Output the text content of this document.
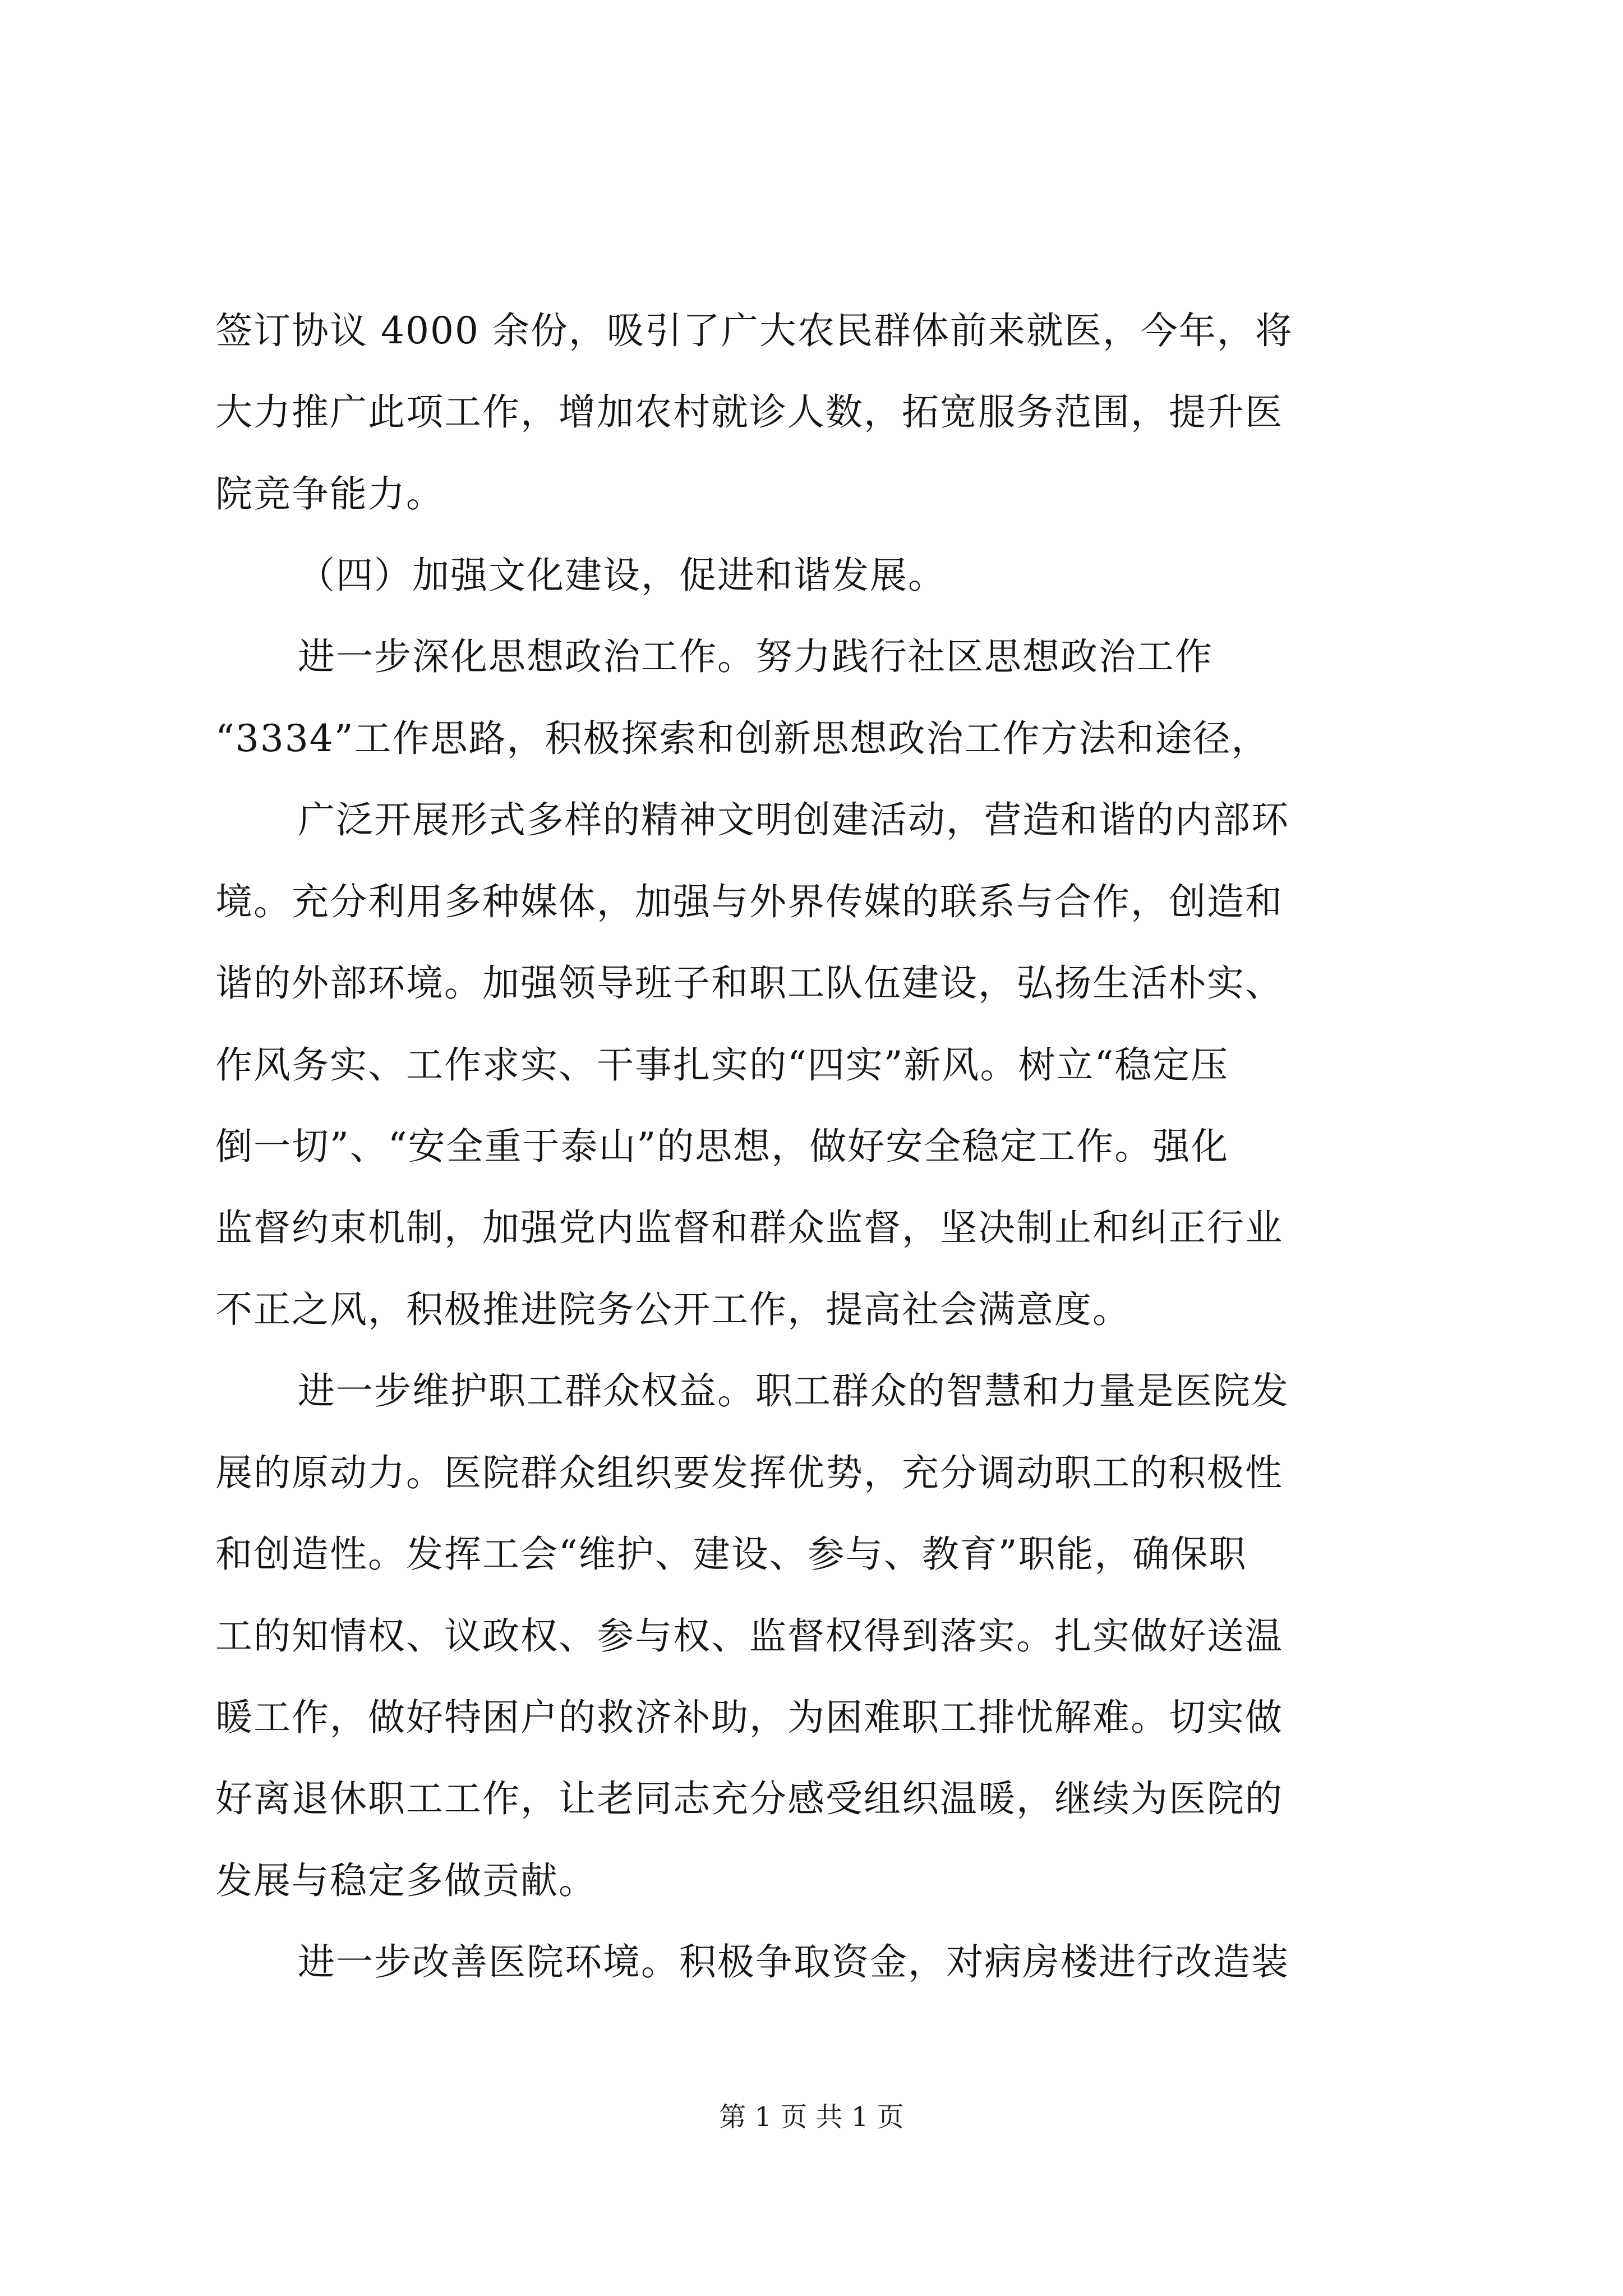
签订协议 4000 余份，吸引了广大农民群体前来就医，今年，将
大力推广此项工作，增加农村就诊人数，拓宽服务范围，提升医
院竞争能力。
（四）加强文化建设，促进和谐发展。
进一步深化思想政治工作。努力践行社区思想政治工作
“3334”工作思路，积极探索和创新思想政治工作方法和途径，
广泛开展形式多样的精神文明创建活动，营造和谐的内部环
境。充分利用多种媒体，加强与外界传媒的联系与合作，创造和
谐的外部环境。加强领导班子和职工队伍建设，弘扬生活朴实、
作风务实、工作求实、干事扎实的“四实”新风。树立“稳定压
倒一切”、“安全重于泰山”的思想，做好安全稳定工作。强化
监督约束机制，加强党内监督和群众监督，坚决制止和纠正行业
不正之风，积极推进院务公开工作，提高社会满意度。
进一步维护职工群众权益。职工群众的智慧和力量是医院发
展的原动力。医院群众组织要发挥优势，充分调动职工的积极性
和创造性。发挥工会“维护、建设、参与、教育”职能，确保职
工的知情权、议政权、参与权、监督权得到落实。扎实做好送温
暖工作，做好特困户的救济补助，为困难职工排忧解难。切实做
好离退休职工工作，让老同志充分感受组织温暖，继续为医院的
发展与稳定多做贡献。
进一步改善医院环境。积极争取资金，对病房楼进行改造装
第 1 页 共 1 页
